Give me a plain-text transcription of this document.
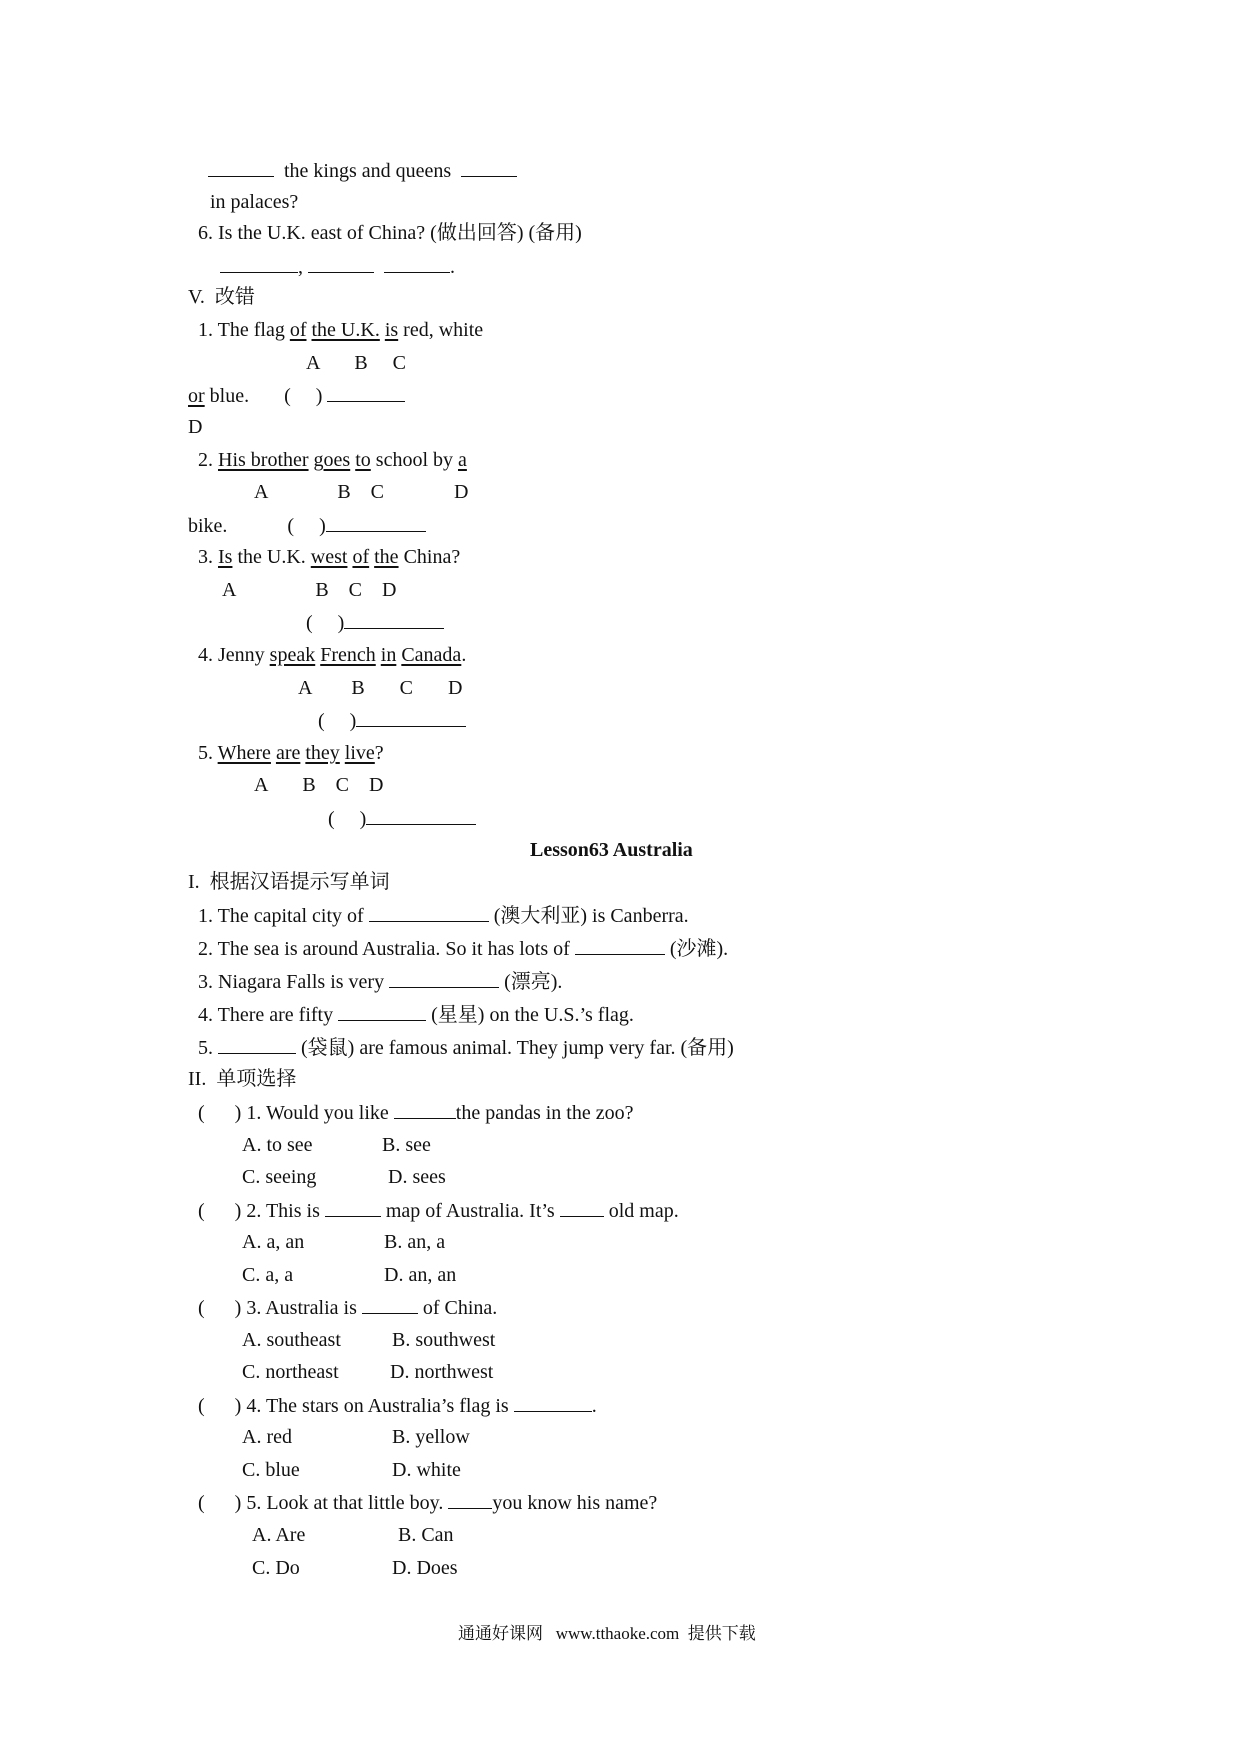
the kings and queens
in palaces?
6. Is the U.K. east of China? (做出回答) (备用)
,	.
V.  改错
1. The flag of the U.K. is red, white
A       B     C
or blue.       (     )
D
2. His brother goes to school by a
A              B    C              D
bike.            (     )
3. Is the U.K. west of the China?
A                B    C    D
(     )
4. Jenny speak French in Canada.
A        B       C       D
(     )
5. Where are they live?
A       B    C    D
(     )
Lesson63 Australia
I.  根据汉语提示写单词
1. The capital city of	(澳大利亚) is Canberra.
2. The sea is around Australia. So it has lots of	(沙滩).
3. Niagara Falls is very	(漂亮).
4. There are fifty	(星星) on the U.S.’s flag.
5.	(袋鼠) are famous animal. They jump very far. (备用)
II.  单项选择
(      ) 1. Would you like	the pandas in the zoo?
A. to see	B. see
C. seeing	D. sees
(      ) 2. This is	map of Australia. It’s  old map.
A. a, an	B. an, a
C. a, a	D. an, an
(      ) 3. Australia is	of China.
A. southeast	B. southwest
C. northeast	D. northwest
(      ) 4. The stars on Australia’s flag is	.
A. red	B. yellow
C. blue	D. white
(      ) 5. Look at that little boy. you know his name?
A. Are	B. Can
C. Do	D. Does
通通好课网   www.tthaoke.com  提供下载
